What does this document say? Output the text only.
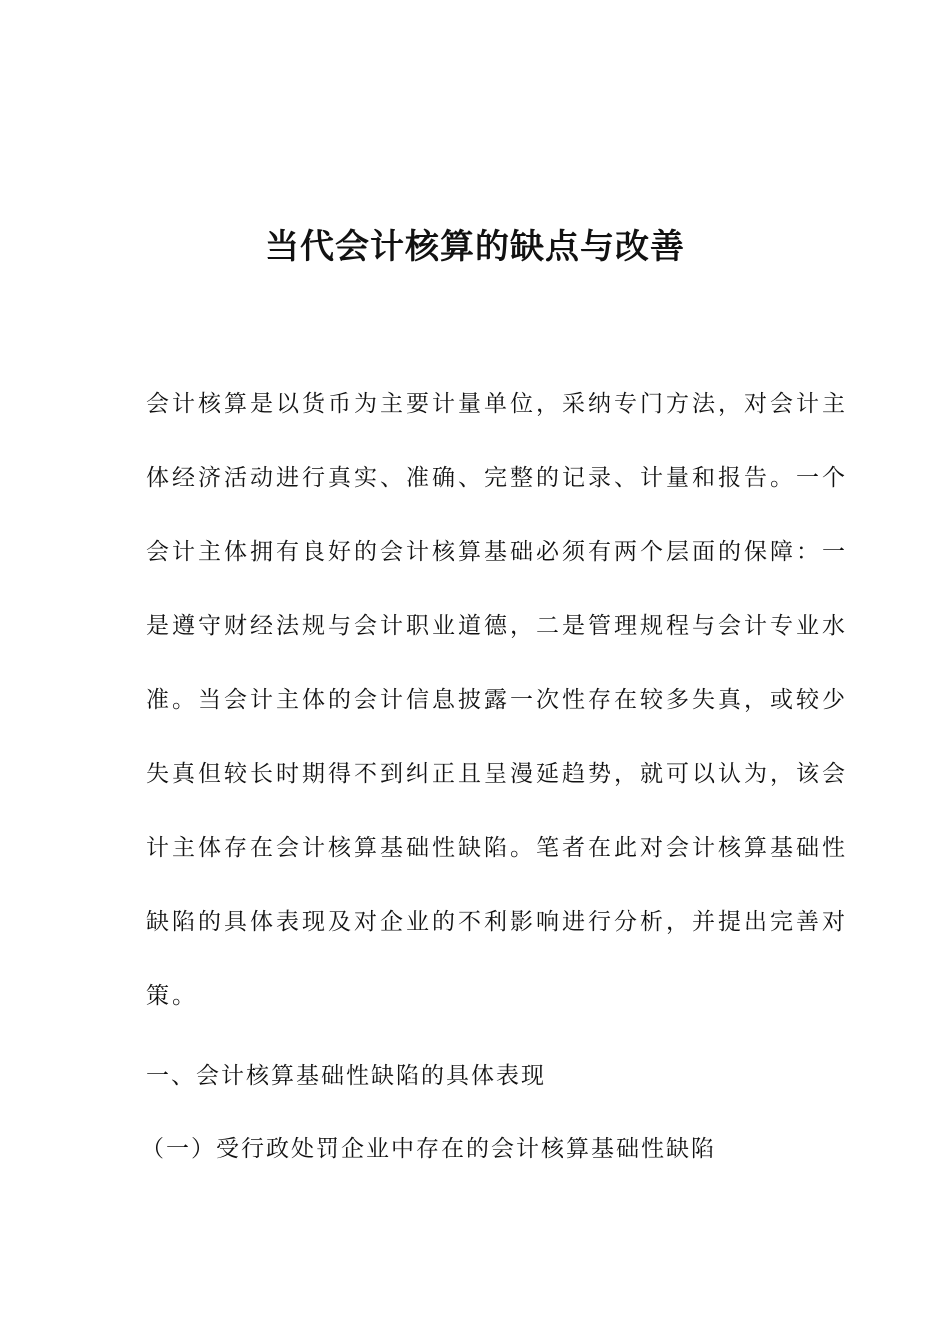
当代会计核算的缺点与改善
会计核算是以货币为主要计量单位，采纳专门方法，对会计主
体经济活动进行真实、准确、完整的记录、计量和报告。一个
会计主体拥有良好的会计核算基础必须有两个层面的保障：一
是遵守财经法规与会计职业道德，二是管理规程与会计专业水
准。当会计主体的会计信息披露一次性存在较多失真，或较少
失真但较长时期得不到纠正且呈漫延趋势，就可以认为，该会
计主体存在会计核算基础性缺陷。笔者在此对会计核算基础性
缺陷的具体表现及对企业的不利影响进行分析，并提出完善对
策。
一、会计核算基础性缺陷的具体表现
（一）受行政处罚企业中存在的会计核算基础性缺陷
